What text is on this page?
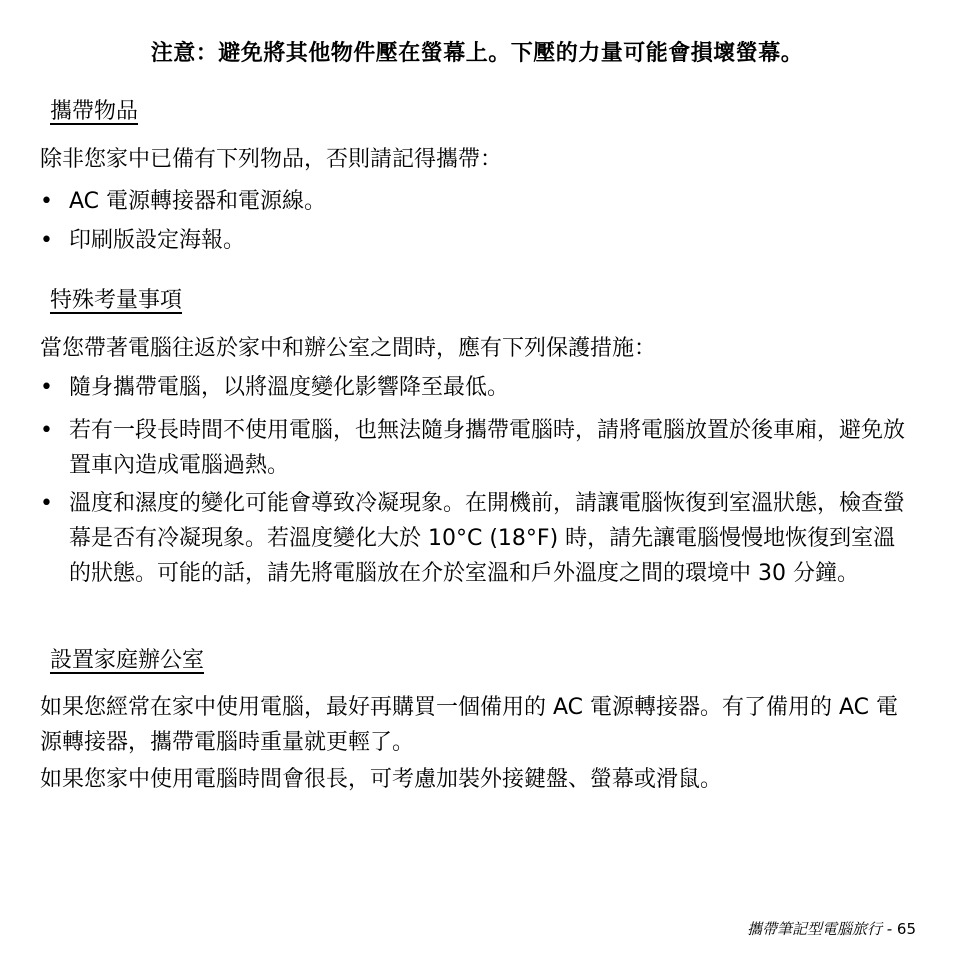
注意：避免將其他物件壓在螢幕上。下壓的力量可能會損壞螢幕。
攜帶物品
除非您家中已備有下列物品，否則請記得攜帶：
• AC 電源轉接器和電源線。
• 印刷版設定海報。
特殊考量事項
當您帶著電腦往返於家中和辦公室之間時，應有下列保護措施：
• 隨身攜帶電腦，以將溫度變化影響降至最低。
• 若有一段長時間不使用電腦，也無法隨身攜帶電腦時，請將電腦放置於後車廂，避免放置車內造成電腦過熱。
• 溫度和濕度的變化可能會導致冷凝現象。在開機前，請讓電腦恢復到室溫狀態，檢查螢幕是否有冷凝現象。若溫度變化大於 10°C (18°F) 時，請先讓電腦慢慢地恢復到室溫的狀態。可能的話，請先將電腦放在介於室溫和戶外溫度之間的環境中 30 分鐘。
設置家庭辦公室
如果您經常在家中使用電腦，最好再購買一個備用的 AC 電源轉接器。有了備用的 AC 電源轉接器，攜帶電腦時重量就更輕了。
如果您家中使用電腦時間會很長，可考慮加裝外接鍵盤、螢幕或滑鼠。
攜帶筆記型電腦旅行 - 65
